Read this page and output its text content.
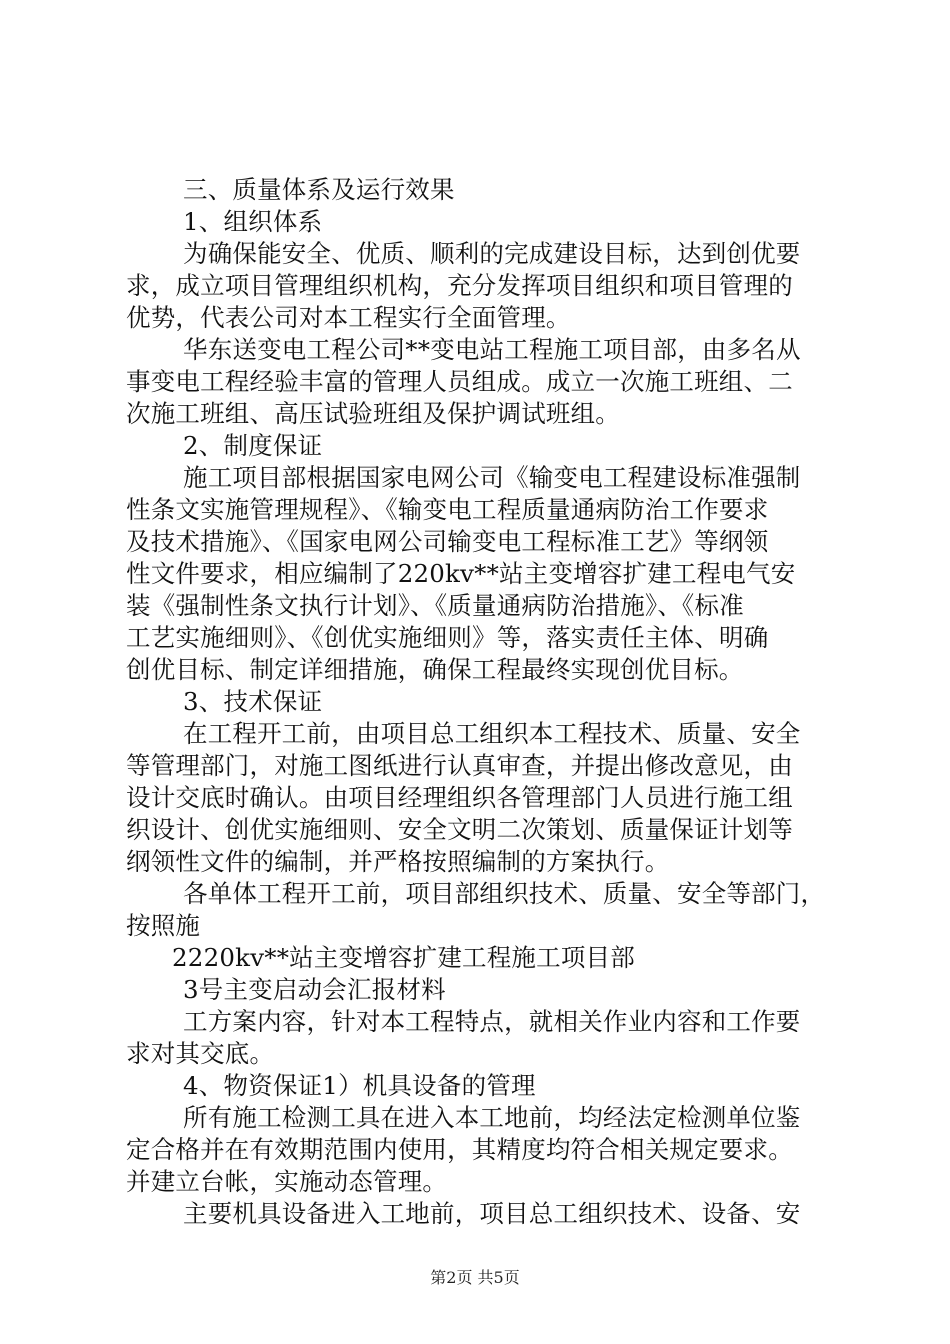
三、质量体系及运行效果
1、组织体系
为确保能安全、优质、顺利的完成建设目标，达到创优要
求，成立项目管理组织机构，充分发挥项目组织和项目管理的
优势，代表公司对本工程实行全面管理。
华东送变电工程公司**变电站工程施工项目部，由多名从
事变电工程经验丰富的管理人员组成。成立一次施工班组、二
次施工班组、高压试验班组及保护调试班组。
2、制度保证
施工项目部根据国家电网公司《输变电工程建设标准强制
性条文实施管理规程》、《输变电工程质量通病防治工作要求
及技术措施》、《国家电网公司输变电工程标准工艺》等纲领
性文件要求，相应编制了220kv**站主变增容扩建工程电气安
装《强制性条文执行计划》、《质量通病防治措施》、《标准
工艺实施细则》、《创优实施细则》等，落实责任主体、明确
创优目标、制定详细措施，确保工程最终实现创优目标。
3、技术保证
在工程开工前，由项目总工组织本工程技术、质量、安全
等管理部门，对施工图纸进行认真审查，并提出修改意见，由
设计交底时确认。由项目经理组织各管理部门人员进行施工组
织设计、创优实施细则、安全文明二次策划、质量保证计划等
纲领性文件的编制，并严格按照编制的方案执行。
各单体工程开工前，项目部组织技术、质量、安全等部门，
按照施
2220kv**站主变增容扩建工程施工项目部
3号主变启动会汇报材料
工方案内容，针对本工程特点，就相关作业内容和工作要
求对其交底。
4、物资保证1）机具设备的管理
所有施工检测工具在进入本工地前，均经法定检测单位鉴
定合格并在有效期范围内使用，其精度均符合相关规定要求。
并建立台帐，实施动态管理。
主要机具设备进入工地前，项目总工组织技术、设备、安
第2页 共5页
